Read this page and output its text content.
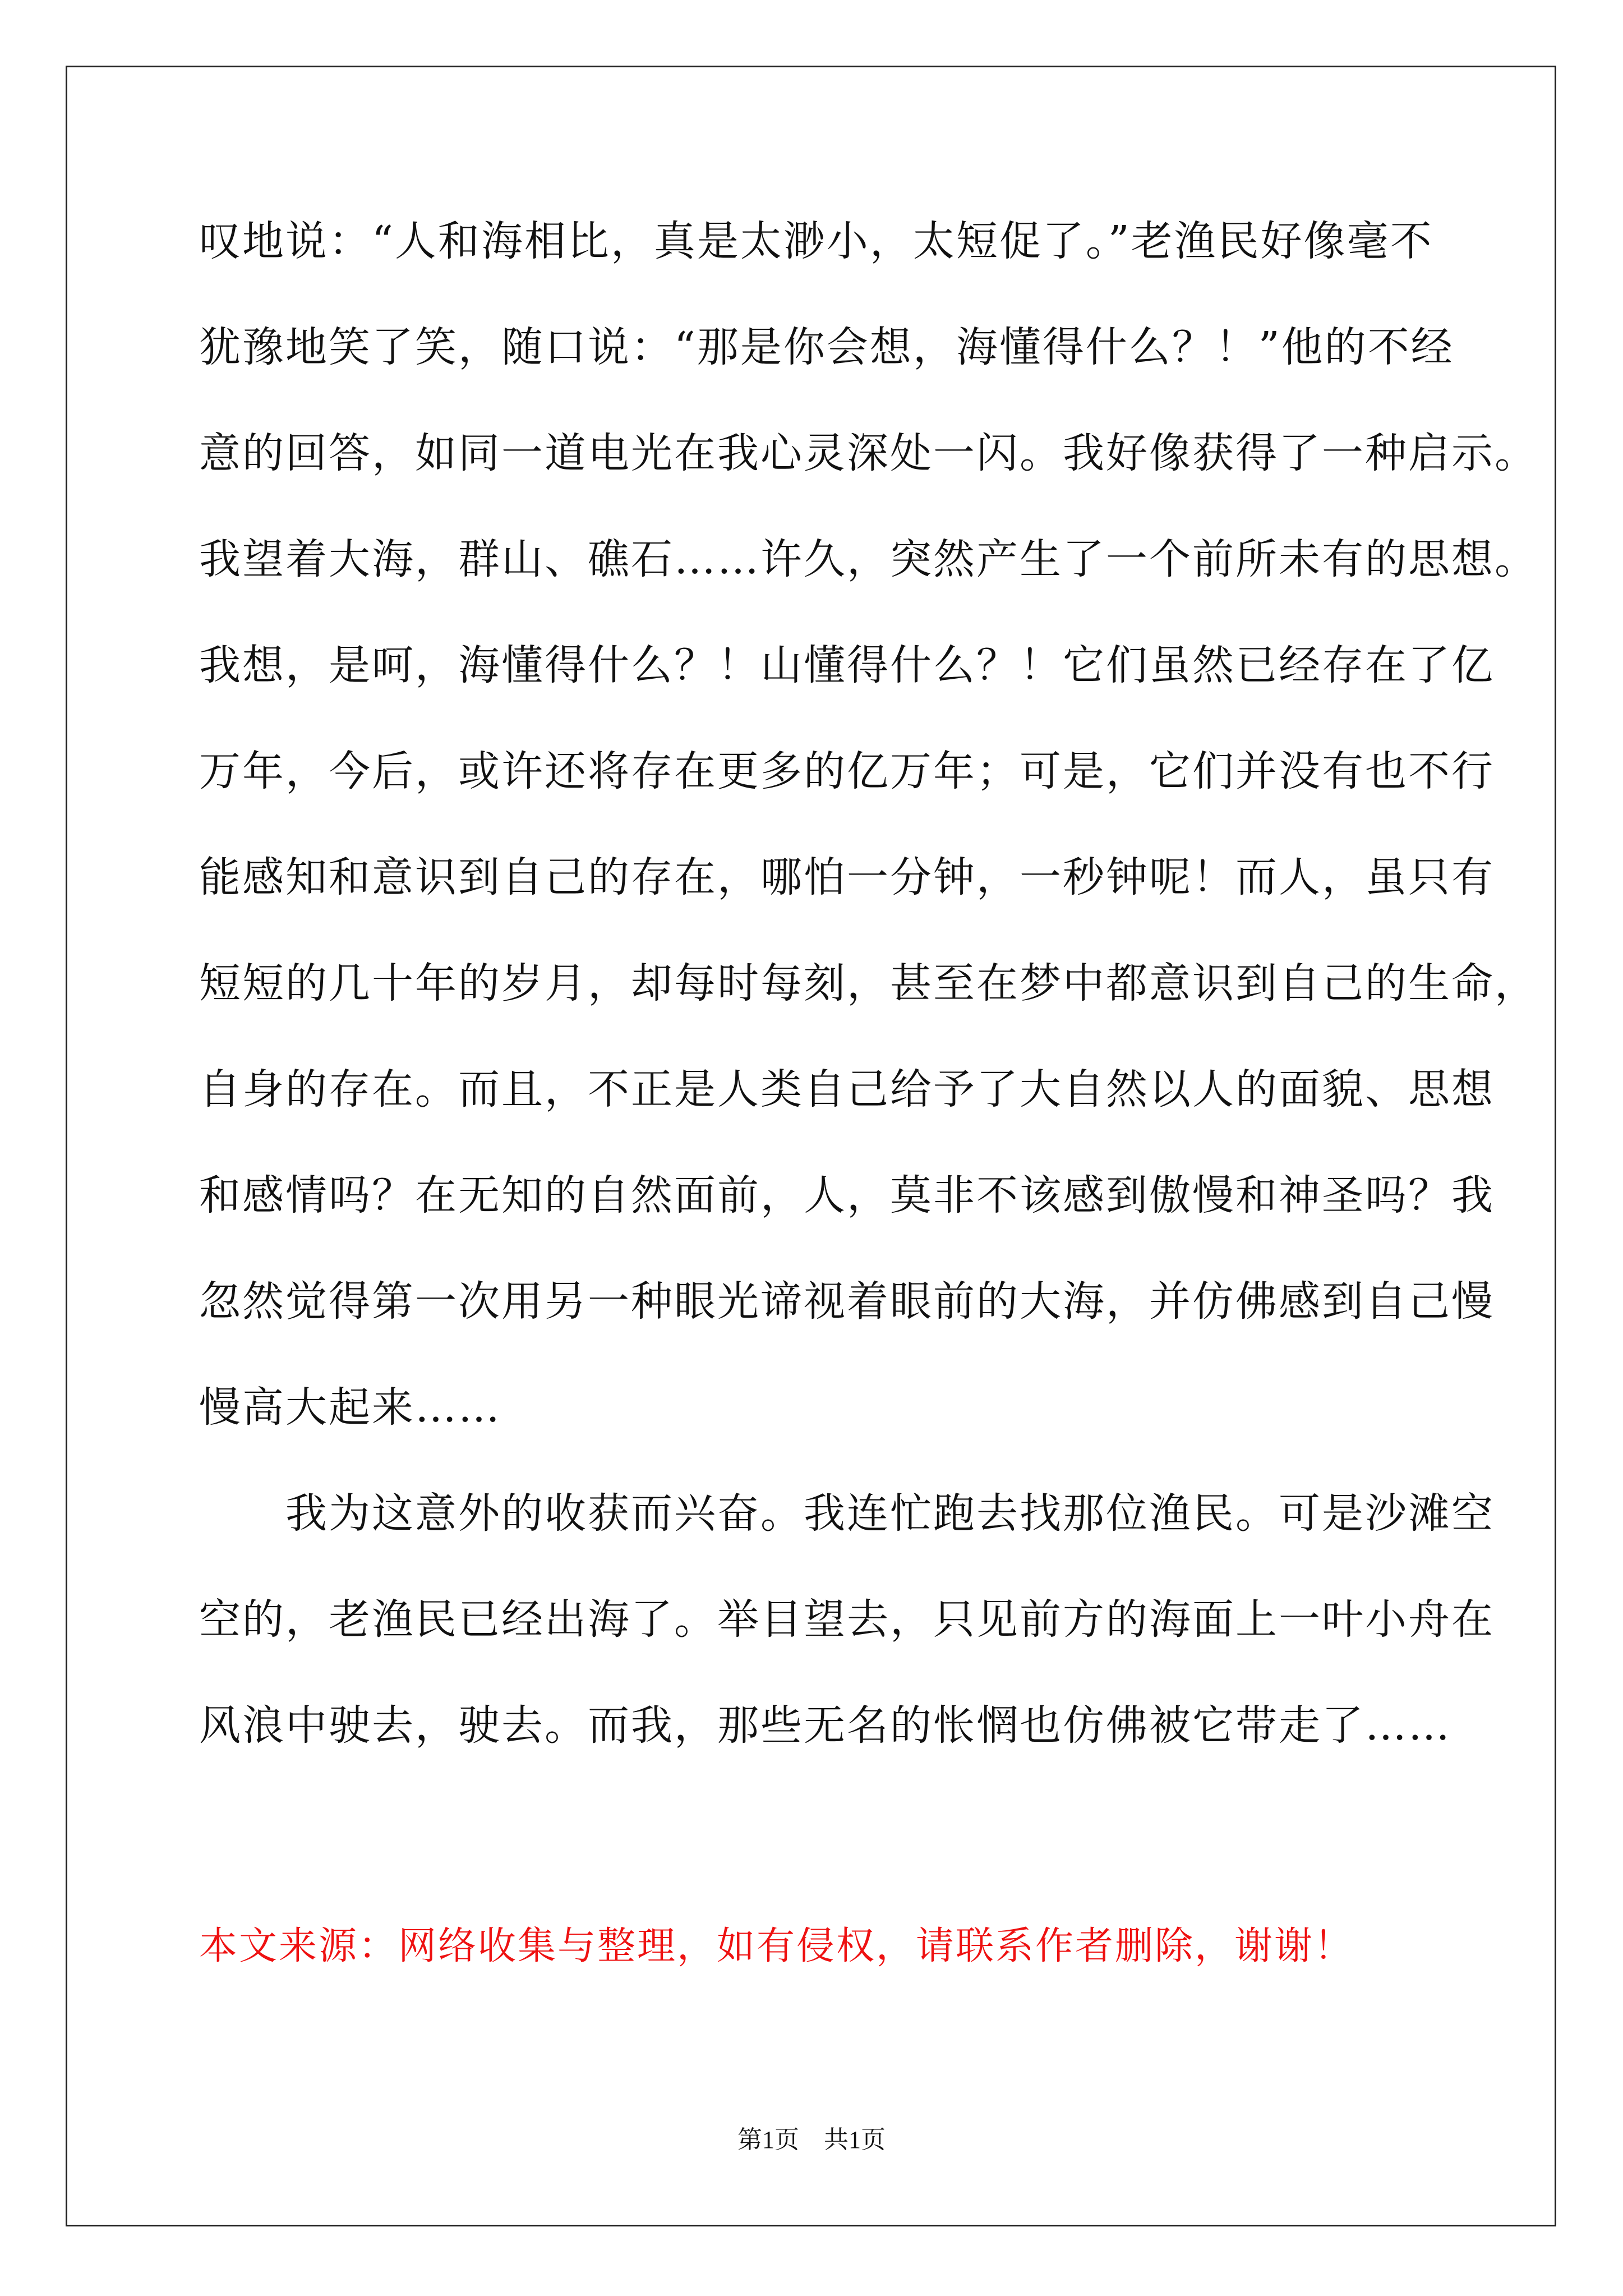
叹地说：“人和海相比，真是太渺小，太短促了。”老渔民好像毫不
犹豫地笑了笑，随口说：“那是你会想，海懂得什么？！”他的不经
意的回答，如同一道电光在我心灵深处一闪。我好像获得了一种启示。
我望着大海，群山、礁石……许久，突然产生了一个前所未有的思想。
我想，是呵，海懂得什么？！山懂得什么？！它们虽然已经存在了亿
万年，今后，或许还将存在更多的亿万年；可是，它们并没有也不行
能感知和意识到自己的存在，哪怕一分钟，一秒钟呢！而人，虽只有
短短的几十年的岁月，却每时每刻，甚至在梦中都意识到自己的生命，
自身的存在。而且，不正是人类自己给予了大自然以人的面貌、思想
和感情吗？在无知的自然面前，人，莫非不该感到傲慢和神圣吗？我
忽然觉得第一次用另一种眼光谛视着眼前的大海，并仿佛感到自己慢
慢高大起来……
　　我为这意外的收获而兴奋。我连忙跑去找那位渔民。可是沙滩空
空的，老渔民已经出海了。举目望去，只见前方的海面上一叶小舟在
风浪中驶去，驶去。而我，那些无名的怅惘也仿佛被它带走了……
本文来源：网络收集与整理，如有侵权，请联系作者删除，谢谢！
第1页　共1页
